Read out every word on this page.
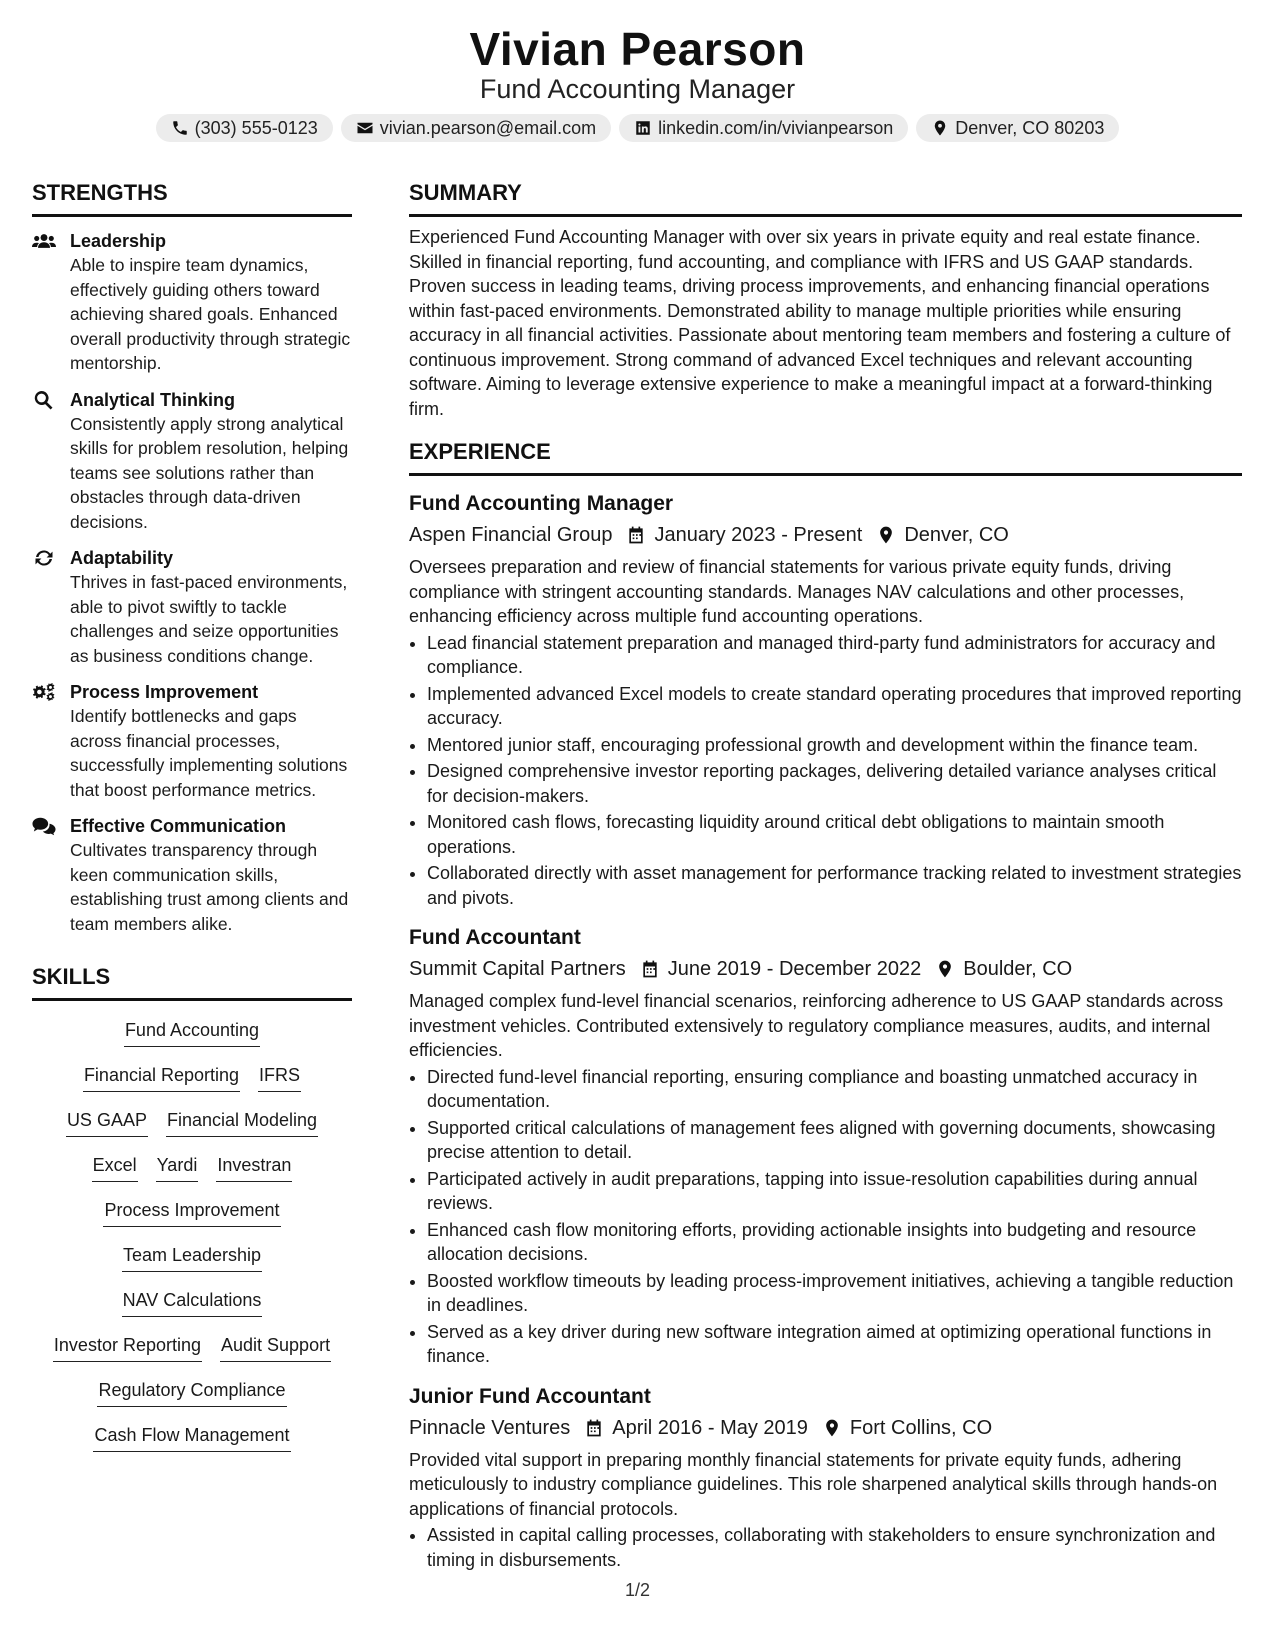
Vivian Pearson
Fund Accounting Manager
(303) 555-0123	vivian.pearson@email.com	linkedin.com/in/vivianpearson	Denver, CO 80203
STRENGTHS
Leadership
Able to inspire team dynamics, effectively guiding others toward achieving shared goals. Enhanced overall productivity through strategic mentorship.
Analytical Thinking
Consistently apply strong analytical skills for problem resolution, helping teams see solutions rather than obstacles through data-driven decisions.
Adaptability
Thrives in fast-paced environments, able to pivot swiftly to tackle challenges and seize opportunities as business conditions change.
Process Improvement
Identify bottlenecks and gaps across financial processes, successfully implementing solutions that boost performance metrics.
Effective Communication
Cultivates transparency through keen communication skills, establishing trust among clients and team members alike.
SKILLS
Fund Accounting
Financial Reporting IFRS
US GAAP Financial Modeling
Excel Yardi Investran
Process Improvement
Team Leadership
NAV Calculations
Investor Reporting Audit Support
Regulatory Compliance
Cash Flow Management
SUMMARY
Experienced Fund Accounting Manager with over six years in private equity and real estate finance. Skilled in financial reporting, fund accounting, and compliance with IFRS and US GAAP standards. Proven success in leading teams, driving process improvements, and enhancing financial operations within fast-paced environments. Demonstrated ability to manage multiple priorities while ensuring accuracy in all financial activities. Passionate about mentoring team members and fostering a culture of continuous improvement. Strong command of advanced Excel techniques and relevant accounting software. Aiming to leverage extensive experience to make a meaningful impact at a forward-thinking firm.
EXPERIENCE
Fund Accounting Manager
Aspen Financial Group January 2023 - Present Denver, CO
Oversees preparation and review of financial statements for various private equity funds, driving compliance with stringent accounting standards. Manages NAV calculations and other processes, enhancing efficiency across multiple fund accounting operations.
• Lead financial statement preparation and managed third-party fund administrators for accuracy and compliance.
• Implemented advanced Excel models to create standard operating procedures that improved reporting accuracy.
• Mentored junior staff, encouraging professional growth and development within the finance team.
• Designed comprehensive investor reporting packages, delivering detailed variance analyses critical for decision-makers.
• Monitored cash flows, forecasting liquidity around critical debt obligations to maintain smooth operations.
• Collaborated directly with asset management for performance tracking related to investment strategies and pivots.
Fund Accountant
Summit Capital Partners June 2019 - December 2022 Boulder, CO
Managed complex fund-level financial scenarios, reinforcing adherence to US GAAP standards across investment vehicles. Contributed extensively to regulatory compliance measures, audits, and internal efficiencies.
• Directed fund-level financial reporting, ensuring compliance and boasting unmatched accuracy in documentation.
• Supported critical calculations of management fees aligned with governing documents, showcasing precise attention to detail.
• Participated actively in audit preparations, tapping into issue-resolution capabilities during annual reviews.
• Enhanced cash flow monitoring efforts, providing actionable insights into budgeting and resource allocation decisions.
• Boosted workflow timeouts by leading process-improvement initiatives, achieving a tangible reduction in deadlines.
• Served as a key driver during new software integration aimed at optimizing operational functions in finance.
Junior Fund Accountant
Pinnacle Ventures April 2016 - May 2019 Fort Collins, CO
Provided vital support in preparing monthly financial statements for private equity funds, adhering meticulously to industry compliance guidelines. This role sharpened analytical skills through hands-on applications of financial protocols.
• Assisted in capital calling processes, collaborating with stakeholders to ensure synchronization and timing in disbursements.
1/2
